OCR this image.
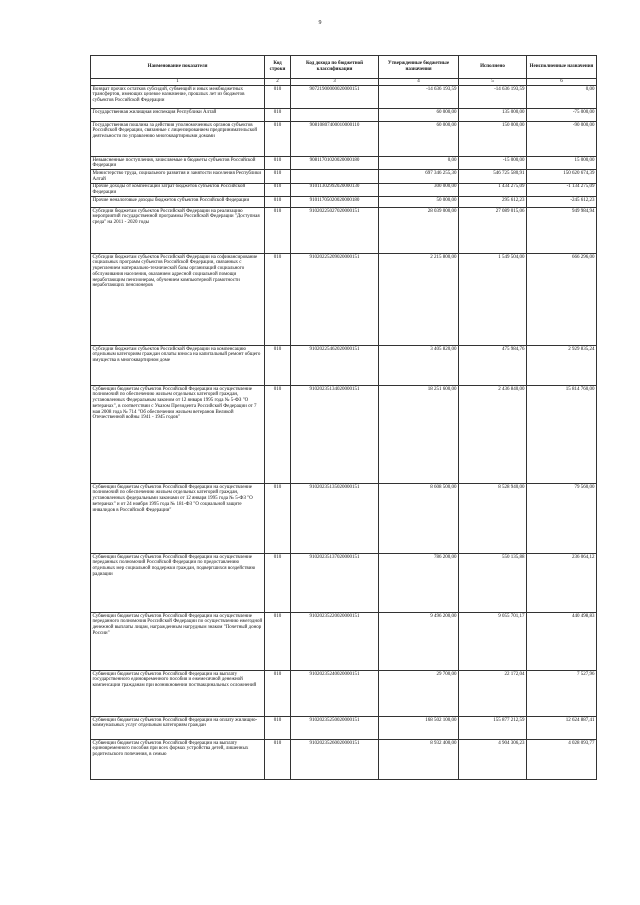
9
Наименование показателя	Код строки	Код дохода по бюджетной классификации	Утвержденные бюджетные назначения	Исполнено	Неисполненные назначения
1	2	3	4	5	6
Возврат прочих остатков субсидий, субвенций и иных межбюджетных трансфертов, имеющих целевое назначение, прошлых лет из бюджетов субъектов Российской Федерации	010	90721900000020000151	-14 636 193,59	-14 636 193,59	0,00
Государственная жилищная инспекция Республики Алтай	010		60 000,00	135 000,00	-75 000,00
Государственная пошлина за действия уполномоченных органов субъектов Российской Федерации, связанные с лицензированием предпринимательской деятельности по управлению многоквартирными домами	010	90810807400010000110	60 000,00	150 000,00	-90 000,00
Невыясненные поступления, зачисляемые в бюджеты субъектов Российской Федерации	010	90811701020020000180	0,00	-15 000,00	15 000,00
Министерство труда, социального развития и занятости населения Республики Алтай	010		697 346 255,30	546 725 580,91	150 620 674,39
Прочие доходы от компенсации затрат бюджетов субъектов Российской Федерации	010	91011302992020000130	300 000,00	1 434 275,09	-1 134 275,09
Прочие неналоговые доходы бюджетов субъектов Российской Федерации	010	91011705020020000180	50 000,00	295 612,23	-245 612,23
Субсидии бюджетам субъектов Российской Федерации на реализацию мероприятий государственной программы Российской Федерации "Доступная среда" на 2011 - 2020 годы	010	91020225027020000151	28 039 000,00	27 089 015,06	949 984,94
Субсидии бюджетам субъектов Российской Федерации на софинансирование социальных программ субъектов Российской Федерации, связанных с укреплением материально-технической базы организаций социального обслуживания населения, оказанием адресной социальной помощи неработающим пенсионерам, обучением компьютерной грамотности неработающих пенсионеров	010	91020225209020000151	2 215 800,00	1 549 504,00	666 296,00
Субсидии бюджетам субъектов Российской Федерации на компенсацию отдельным категориям граждан оплаты взноса на капитальный ремонт общего имущества в многоквартирном доме	010	91020225462020000151	3 405 820,00	475 984,76	2 929 835,24
Субвенции бюджетам субъектов Российской Федерации на осуществление полномочий по обеспечению жильем отдельных категорий граждан, установленных Федеральным законом от 12 января 1995 года № 5-ФЗ "О ветеранах", в соответствии с Указом Президента Российской Федерации от 7 мая 2008 года № 714 "Об обеспечении жильем ветеранов Великой Отечественной войны 1941 - 1945 годов"	010	91020235134020000151	18 251 600,00	2 436 840,00	15 814 760,00
Субвенции бюджетам субъектов Российской Федерации на осуществление полномочий по обеспечению жильем отдельных категорий граждан, установленных федеральными законами от 12 января 1995 года № 5-ФЗ "О ветеранах" и от 24 ноября 1995 года № 181-ФЗ "О социальной защите инвалидов в Российской Федерации"	010	91020235135020000151	8 608 500,00	8 528 940,00	79 560,00
Субвенции бюджетам субъектов Российской Федерации на осуществление переданных полномочий Российской Федерации по предоставлению отдельных мер социальной поддержки граждан, подвергшихся воздействию радиации	010	91020235137020000151	786 200,00	550 135,88	236 064,12
Субвенции бюджетам субъектов Российской Федерации на осуществление переданного полномочия Российской Федерации по осуществлению ежегодной денежной выплаты лицам, награжденным нагрудным знаком "Почетный донор России"	010	91020235220020000151	9 496 200,00	9 055 701,17	440 498,83
Субвенции бюджетам субъектов Российской Федерации на выплату государственного единовременного пособия и ежемесячной денежной компенсации гражданам при возникновении поствакцинальных осложнений	010	91020235240020000151	29 700,00	22 172,04	7 527,96
Субвенции бюджетам субъектов Российской Федерации на оплату жилищно-коммунальных услуг отдельным категориям граждан	010	91020235250020000151	168 502 100,00	155 877 212,59	12 624 887,41
Субвенции бюджетам субъектов Российской Федерации на выплату единовременного пособия при всех формах устройства детей, лишенных родительского попечения, в семью	010	91020235260020000151	8 932 400,00	4 904 306,23	4 028 093,77
